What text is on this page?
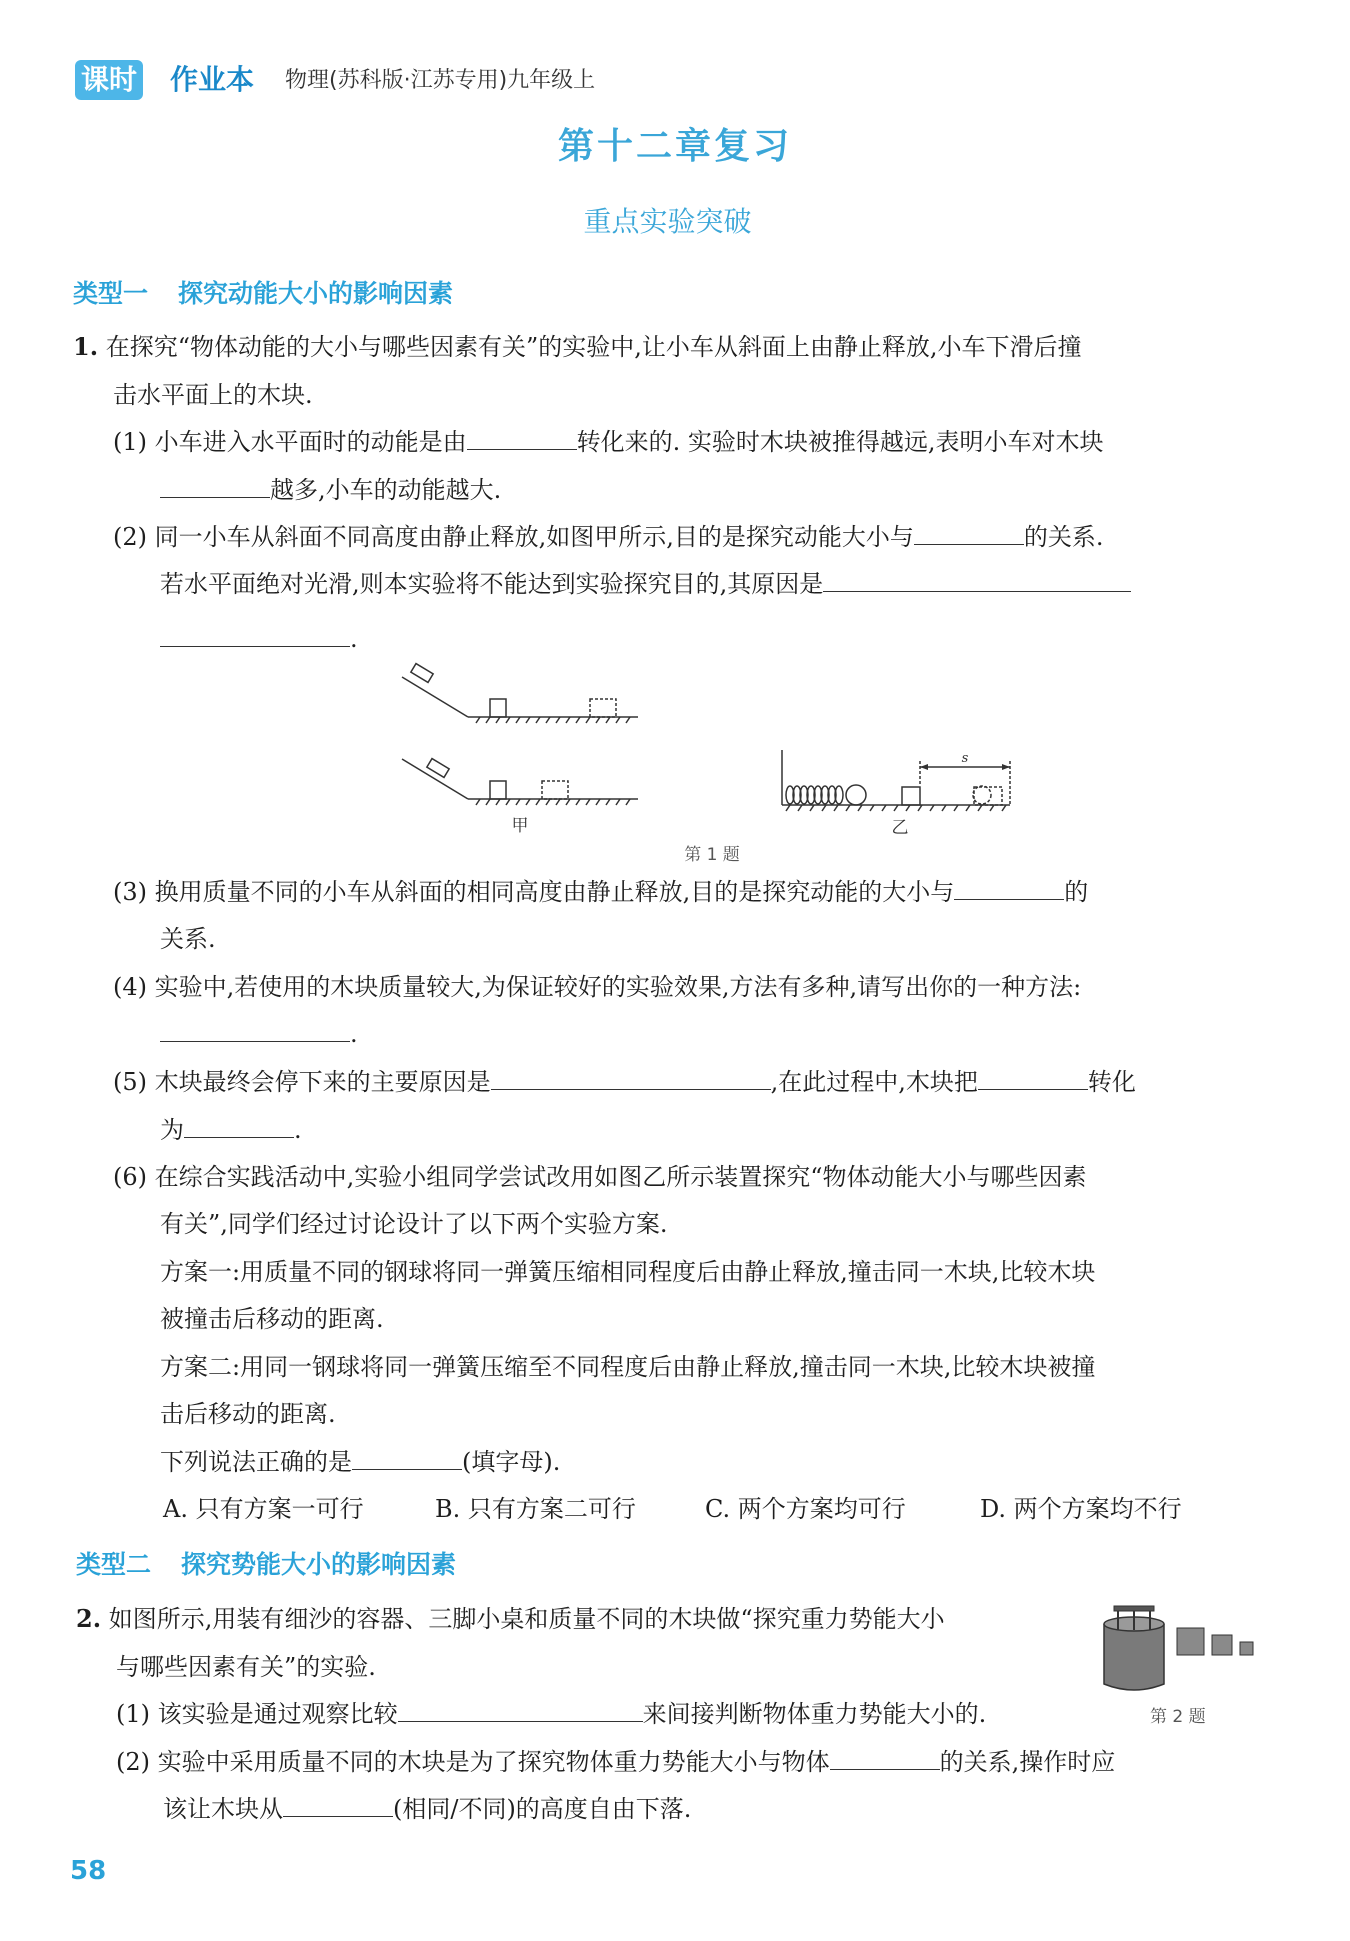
课时 作业本 物理(苏科版·江苏专用)九年级上
第十二章复习
重点实验突破
类型一 探究动能大小的影响因素
1. 在探究“物体动能的大小与哪些因素有关”的实验中,让小车从斜面上由静止释放,小车下滑后撞
击水平面上的木块.
(1) 小车进入水平面时的动能是由	转化来的. 实验时木块被推得越远,表明小车对木块
越多,小车的动能越大.
(2) 同一小车从斜面不同高度由静止释放,如图甲所示,目的是探究动能大小与	的关系.
若水平面绝对光滑,则本实验将不能达到实验探究目的,其原因是
.
s
甲	乙
第 1 题
(3) 换用质量不同的小车从斜面的相同高度由静止释放,目的是探究动能的大小与	的
关系.
(4) 实验中,若使用的木块质量较大,为保证较好的实验效果,方法有多种,请写出你的一种方法:
.
(5) 木块最终会停下来的主要原因是	,在此过程中,木块把	转化
为	.
(6) 在综合实践活动中,实验小组同学尝试改用如图乙所示装置探究“物体动能大小与哪些因素
有关”,同学们经过讨论设计了以下两个实验方案.
方案一:用质量不同的钢球将同一弹簧压缩相同程度后由静止释放,撞击同一木块,比较木块
被撞击后移动的距离.
方案二:用同一钢球将同一弹簧压缩至不同程度后由静止释放,撞击同一木块,比较木块被撞
击后移动的距离.
下列说法正确的是	(填字母).
A. 只有方案一可行	B. 只有方案二可行	C. 两个方案均可行	D. 两个方案均不行
类型二 探究势能大小的影响因素
2. 如图所示,用装有细沙的容器、三脚小桌和质量不同的木块做“探究重力势能大小
与哪些因素有关”的实验.
第 2 题
(1) 该实验是通过观察比较	来间接判断物体重力势能大小的.
(2) 实验中采用质量不同的木块是为了探究物体重力势能大小与物体	的关系,操作时应
该让木块从	(相同/不同)的高度自由下落.
58
